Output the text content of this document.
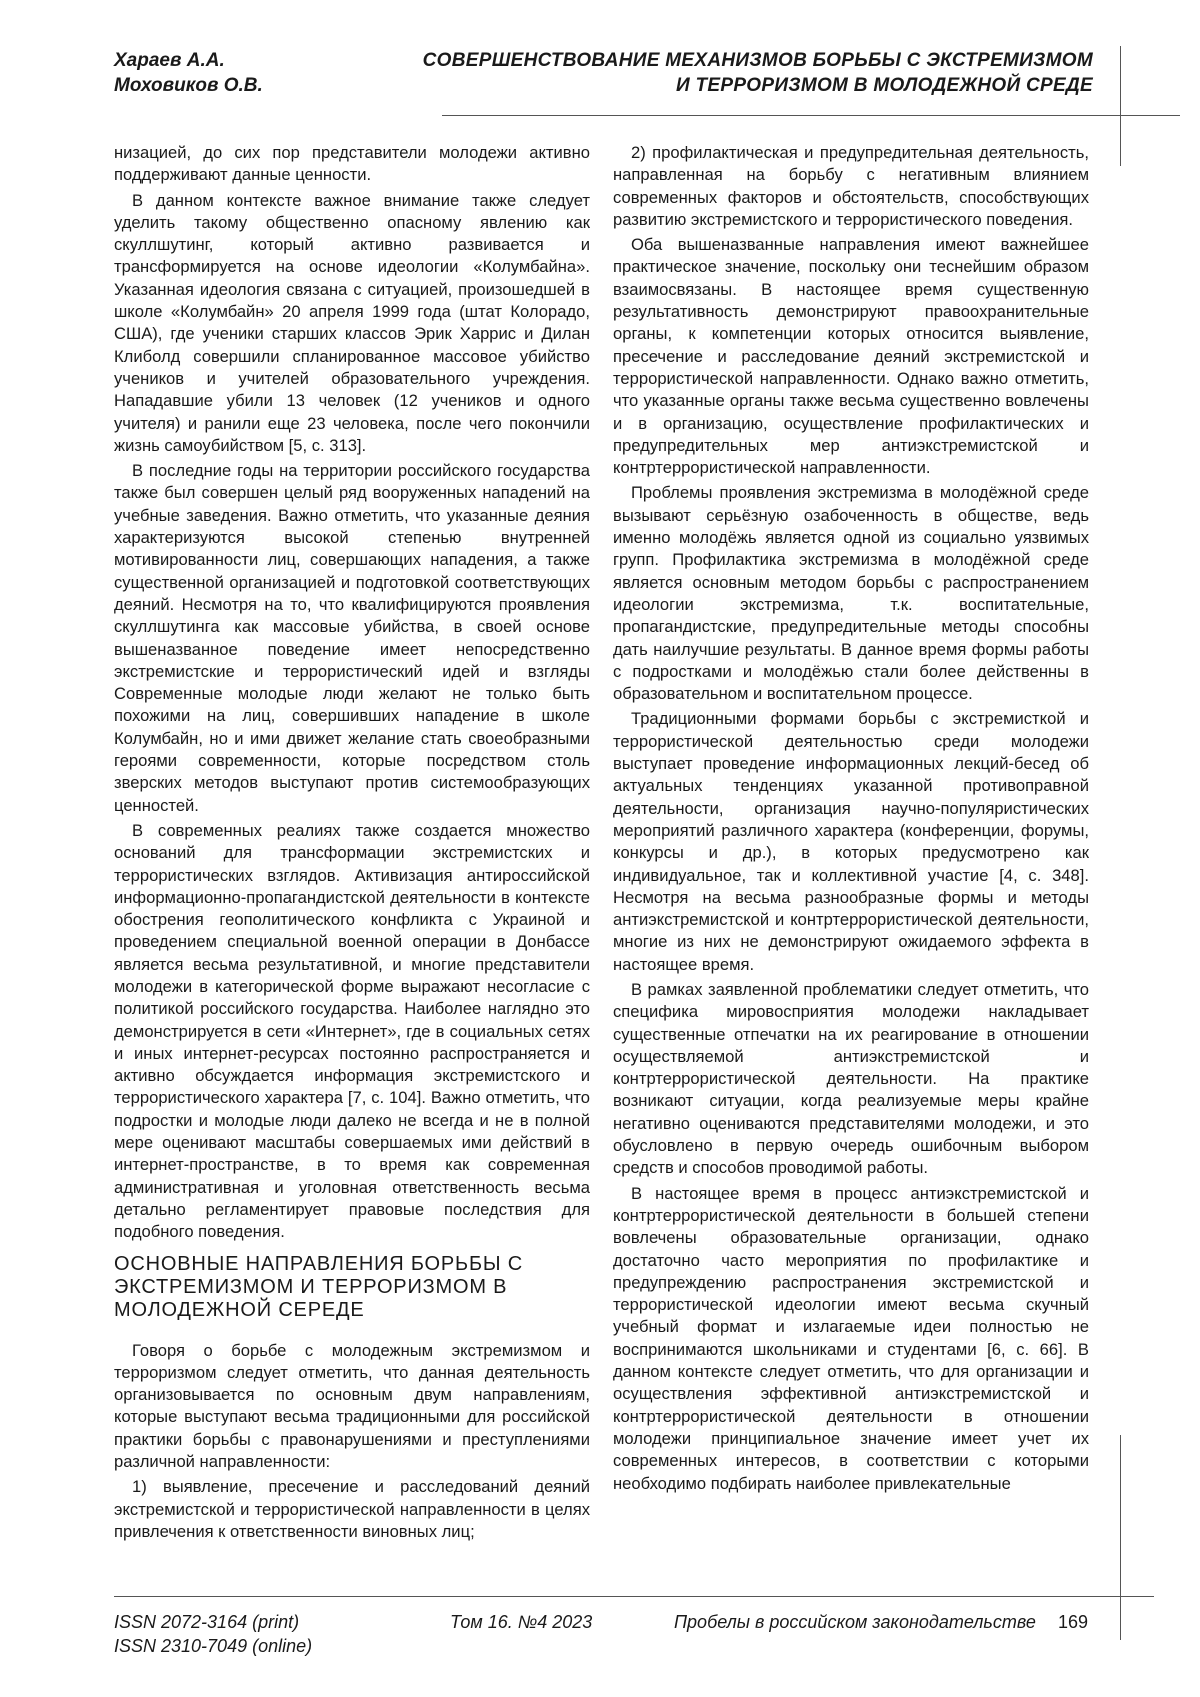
Хараев А.А.
Моховиков О.В.
СОВЕРШЕНСТВОВАНИЕ МЕХАНИЗМОВ БОРЬБЫ С ЭКСТРЕМИЗМОМ
И ТЕРРОРИЗМОМ В МОЛОДЕЖНОЙ СРЕДЕ

низацией, до сих пор представители молодежи активно поддерживают данные ценности.

В данном контексте важное внимание также следует уделить такому общественно опасному явлению как скуллшутинг, который активно развивается и трансформируется на основе идеологии «Колумбайна». Указанная идеология связана с ситуацией, произошедшей в школе «Колумбайн» 20 апреля 1999 года (штат Колорадо, США), где ученики старших классов Эрик Харрис и Дилан Клиболд совершили спланированное массовое убийство учеников и учителей образовательного учреждения. Нападавшие убили 13 человек (12 учеников и одного учителя) и ранили еще 23 человека, после чего покончили жизнь самоубийством [5, с. 313].

В последние годы на территории российского государства также был совершен целый ряд вооруженных нападений на учебные заведения. Важно отметить, что указанные деяния характеризуются высокой степенью внутренней мотивированности лиц, совершающих нападения, а также существенной организацией и подготовкой соответствующих деяний. Несмотря на то, что квалифицируются проявления скуллшутинга как массовые убийства, в своей основе вышеназванное поведение имеет непосредственно экстремистские и террористический идей и взгляды Современные молодые люди желают не только быть похожими на лиц, совершивших нападение в школе Колумбайн, но и ими движет желание стать своеобразными героями современности, которые посредством столь зверских методов выступают против системообразующих ценностей.

В современных реалиях также создается множество оснований для трансформации экстремистских и террористических взглядов. Активизация антироссийской информационно-пропагандистской деятельности в контексте обострения геополитического конфликта с Украиной и проведением специальной военной операции в Донбассе является весьма результативной, и многие представители молодежи в категорической форме выражают несогласие с политикой российского государства. Наиболее наглядно это демонстрируется в сети «Интернет», где в социальных сетях и иных интернет-ресурсах постоянно распространяется и активно обсуждается информация экстремистского и террористического характера [7, с. 104]. Важно отметить, что подростки и молодые люди далеко не всегда и не в полной мере оценивают масштабы совершаемых ими действий в интернет-пространстве, в то время как современная административная и уголовная ответственность весьма детально регламентирует правовые последствия для подобного поведения.

ОСНОВНЫЕ НАПРАВЛЕНИЯ БОРЬБЫ С ЭКСТРЕМИЗМОМ И ТЕРРОРИЗМОМ В МОЛОДЕЖНОЙ СЕРЕДЕ

Говоря о борьбе с молодежным экстремизмом и терроризмом следует отметить, что данная деятельность организовывается по основным двум направлениям, которые выступают весьма традиционными для российской практики борьбы с правонарушениями и преступлениями различной направленности:

1) выявление, пресечение и расследований деяний экстремистской и террористической направленности в целях привлечения к ответственности виновных лиц;

2) профилактическая и предупредительная деятельность, направленная на борьбу с негативным влиянием современных факторов и обстоятельств, способствующих развитию экстремистского и террористического поведения.

Оба вышеназванные направления имеют важнейшее практическое значение, поскольку они теснейшим образом взаимосвязаны. В настоящее время существенную результативность демонстрируют правоохранительные органы, к компетенции которых относится выявление, пресечение и расследование деяний экстремистской и террористической направленности. Однако важно отметить, что указанные органы также весьма существенно вовлечены и в организацию, осуществление профилактических и предупредительных мер антиэкстремистской и контртеррористической направленности.

Проблемы проявления экстремизма в молодёжной среде вызывают серьёзную озабоченность в обществе, ведь именно молодёжь является одной из социально уязвимых групп. Профилактика экстремизма в молодёжной среде является основным методом борьбы с распространением идеологии экстремизма, т.к. воспитательные, пропагандистские, предупредительные методы способны дать наилучшие результаты. В данное время формы работы с подростками и молодёжью стали более действенны в образовательном и воспитательном процессе.

Традиционными формами борьбы с экстремисткой и террористической деятельностью среди молодежи выступает проведение информационных лекций-бесед об актуальных тенденциях указанной противоправной деятельности, организация научно-популяристических мероприятий различного характера (конференции, форумы, конкурсы и др.), в которых предусмотрено как индивидуальное, так и коллективной участие [4, с. 348]. Несмотря на весьма разнообразные формы и методы антиэкстремистской и контртеррористической деятельности, многие из них не демонстрируют ожидаемого эффекта в настоящее время.

В рамках заявленной проблематики следует отметить, что специфика мировосприятия молодежи накладывает существенные отпечатки на их реагирование в отношении осуществляемой антиэкстремистской и контртеррористической деятельности. На практике возникают ситуации, когда реализуемые меры крайне негативно оцениваются представителями молодежи, и это обусловлено в первую очередь ошибочным выбором средств и способов проводимой работы.

В настоящее время в процесс антиэкстремистской и контртеррористической деятельности в большей степени вовлечены образовательные организации, однако достаточно часто мероприятия по профилактике и предупреждению распространения экстремистской и террористической идеологии имеют весьма скучный учебный формат и излагаемые идеи полностью не воспринимаются школьниками и студентами [6, с. 66]. В данном контексте следует отметить, что для организации и осуществления эффективной антиэкстремистской и контртеррористической деятельности в отношении молодежи принципиальное значение имеет учет их современных интересов, в соответствии с которыми необходимо подбирать наиболее привлекательные

ISSN 2072-3164 (print)
ISSN 2310-7049 (online)
Том 16. №4 2023	Пробелы в российском законодательстве 169
